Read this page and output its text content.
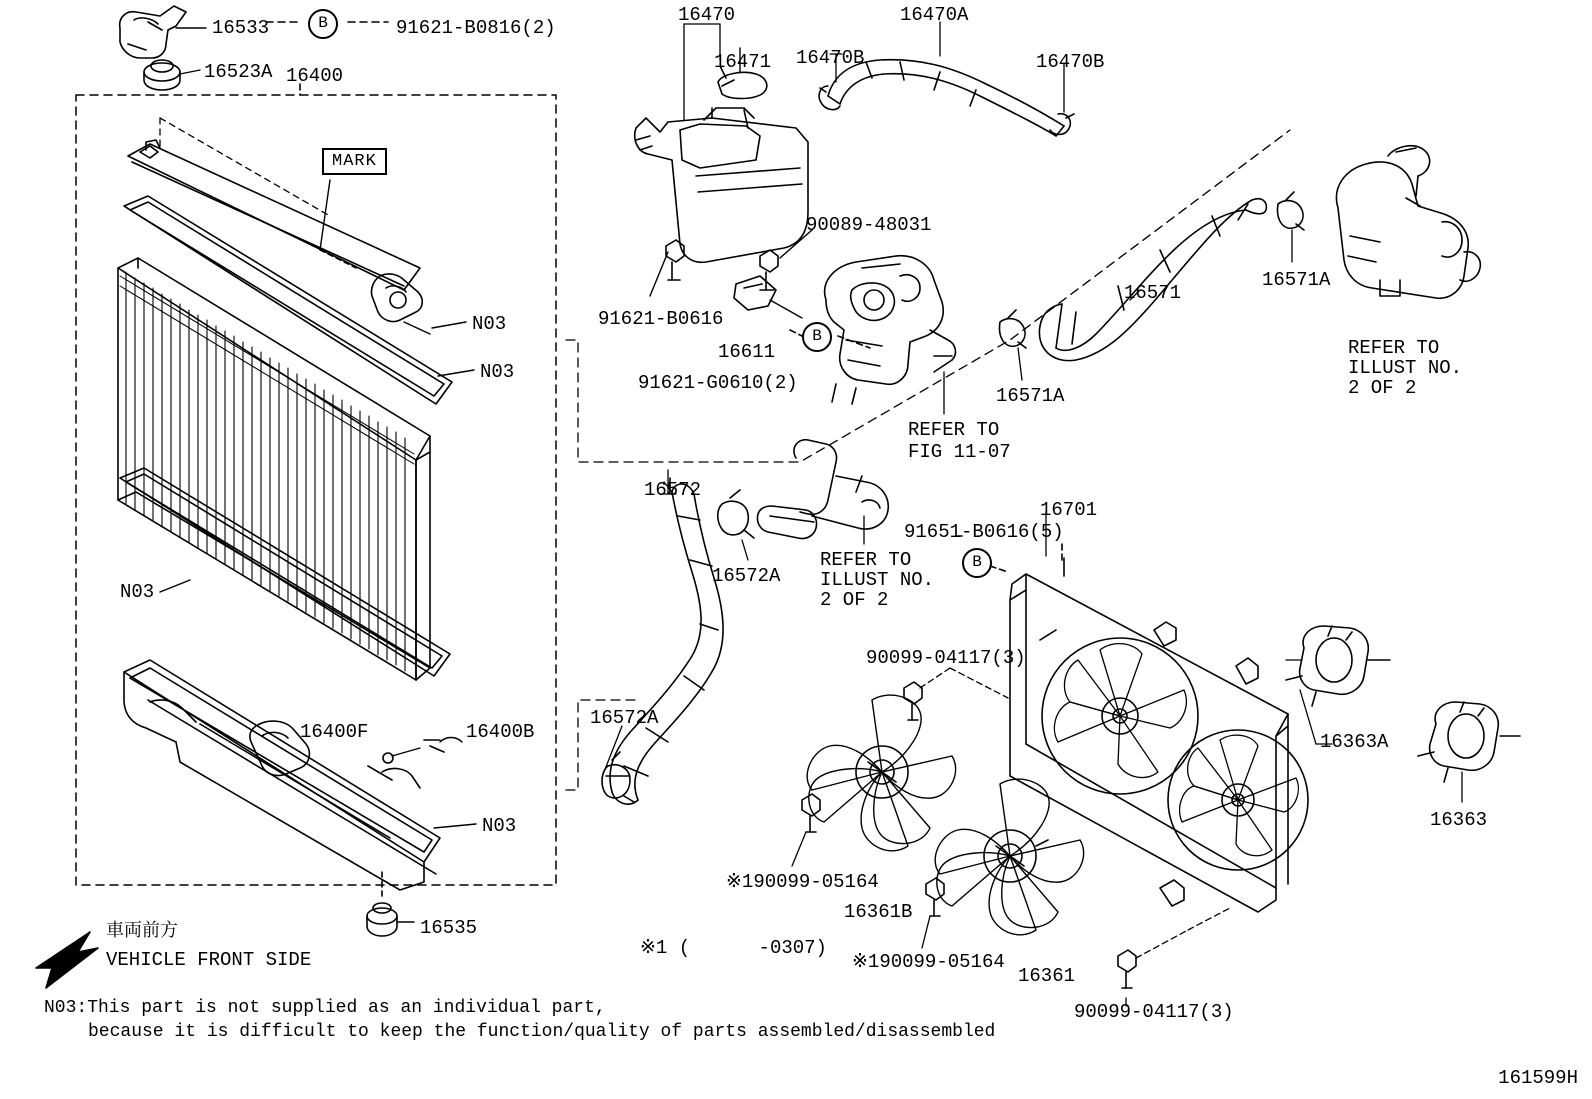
16533	91621-B0816(2)
16523A 16400
16470
16471 16470B
16470A
16470B
90089-48031
91621-B0616
16611
91621-G0610(2)
16571
16571A
16571A
REFER TO
ILLUST NO.
2 OF 2
REFER TO
FIG 11-07
16572
16572A
REFER TO
ILLUST NO.
2 OF 2
91651-B0616(5)
16701
N03
N03
N03
N03
16400F	16400B
16572A
16535
90099-04117(3)
※190099-05164
16361B
※190099-05164
16361
90099-04117(3)
16363A
16363
B
B
B
MARK
※1 (      -0307)
車両前方
VEHICLE FRONT SIDE
N03:This part is not supplied as an individual part,
because it is difficult to keep the function/quality of parts assembled/disassembled
161599H
